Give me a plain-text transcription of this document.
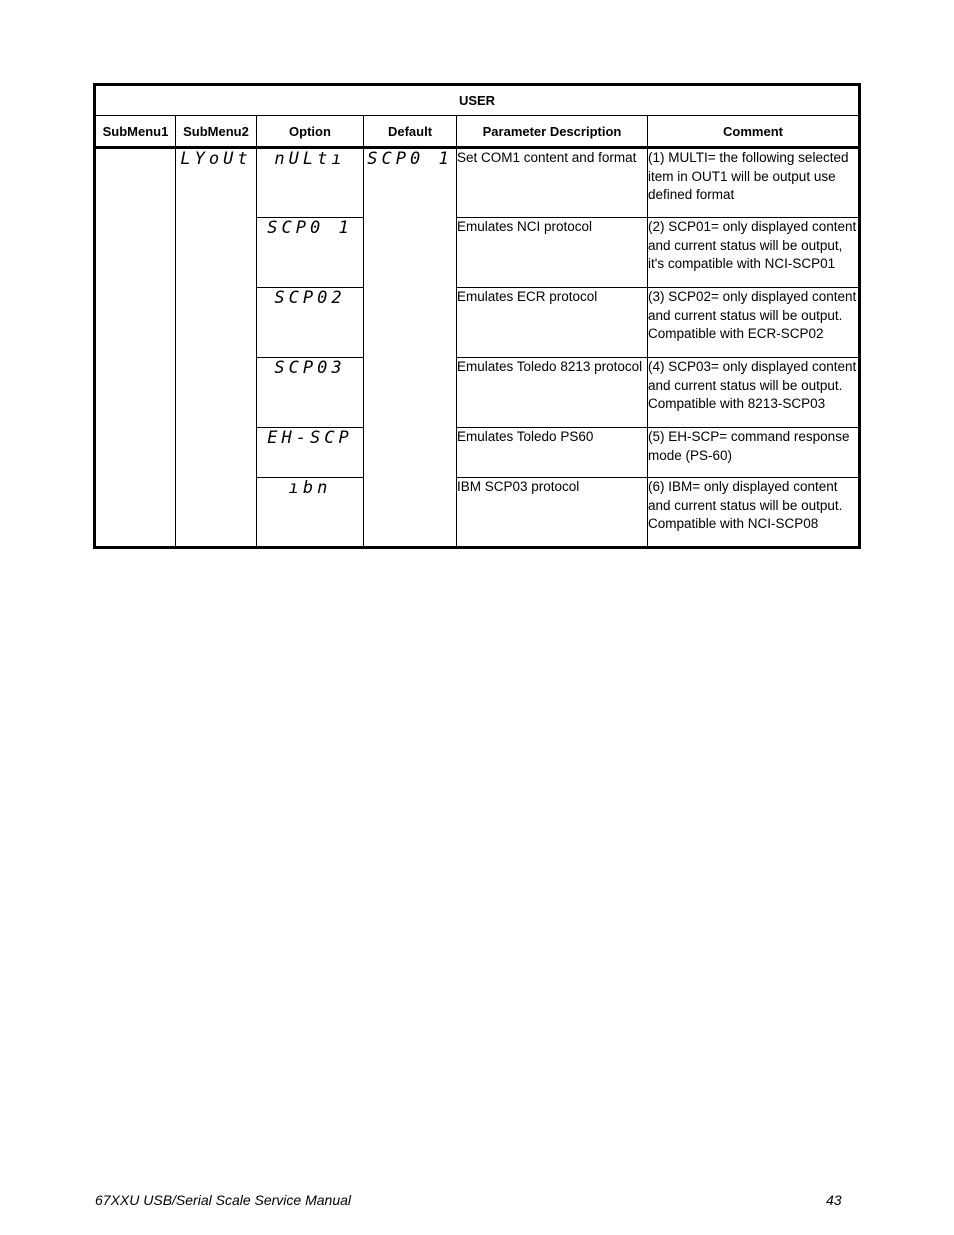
USER					
SubMenu1	SubMenu2	Option	Default	Parameter Description	Comment
	LYoUt	nULtı	SCP0 1	Set COM1 content and format	(1) MULTI= the following selected item in OUT1 will be output use defined format
		SCP0 1		Emulates NCI protocol	(2) SCP01= only displayed content and current status will be output, it's compatible with NCI-SCP01
		SCP02		Emulates ECR protocol	(3) SCP02= only displayed content and current status will be output. Compatible with ECR-SCP02
		SCP03		Emulates Toledo 8213 protocol	(4) SCP03= only displayed content and current status will be output. Compatible with 8213-SCP03
		EH-SCP		Emulates Toledo PS60	(5) EH-SCP= command response mode (PS-60)
		ıbn		IBM SCP03 protocol	(6) IBM= only displayed content and current status will be output. Compatible with NCI-SCP08
67XXU USB/Serial Scale Service Manual	43
